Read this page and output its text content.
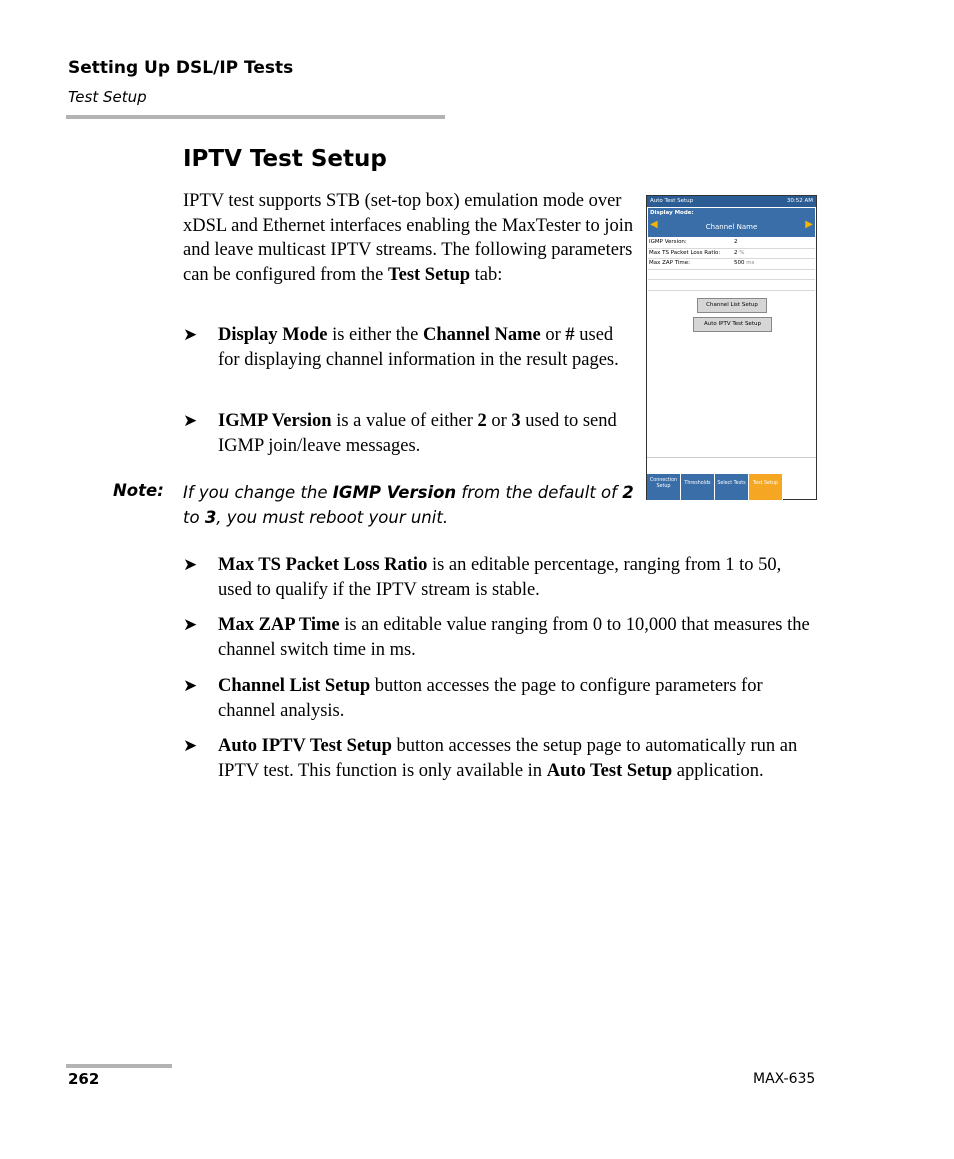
Setting Up DSL/IP Tests
Test Setup
IPTV Test Setup
IPTV test supports STB (set-top box) emulation mode over xDSL and Ethernet interfaces enabling the MaxTester to join and leave multicast IPTV streams. The following parameters can be configured from the Test Setup tab:
➤ Display Mode is either the Channel Name or # used for displaying channel information in the result pages.
➤ IGMP Version is a value of either 2 or 3 used to send IGMP join/leave messages.
Note: If you change the IGMP Version from the default of 2 to 3, you must reboot your unit.
➤ Max TS Packet Loss Ratio is an editable percentage, ranging from 1 to 50, used to qualify if the IPTV stream is stable.
➤ Max ZAP Time is an editable value ranging from 0 to 10,000 that measures the channel switch time in ms.
➤ Channel List Setup button accesses the page to configure parameters for channel analysis.
➤ Auto IPTV Test Setup button accesses the setup page to automatically run an IPTV test. This function is only available in Auto Test Setup application.
Auto Test Setup	30:52 AM
Display Mode:
◀	Channel Name	▶
IGMP Version:	2
Max TS Packet Loss Ratio:	2 %
Max ZAP Time:	500 ms
Channel List Setup
Auto IPTV Test Setup
Connection
Setup
Thresholds	Select Tests	Test Setup
262	MAX-635
